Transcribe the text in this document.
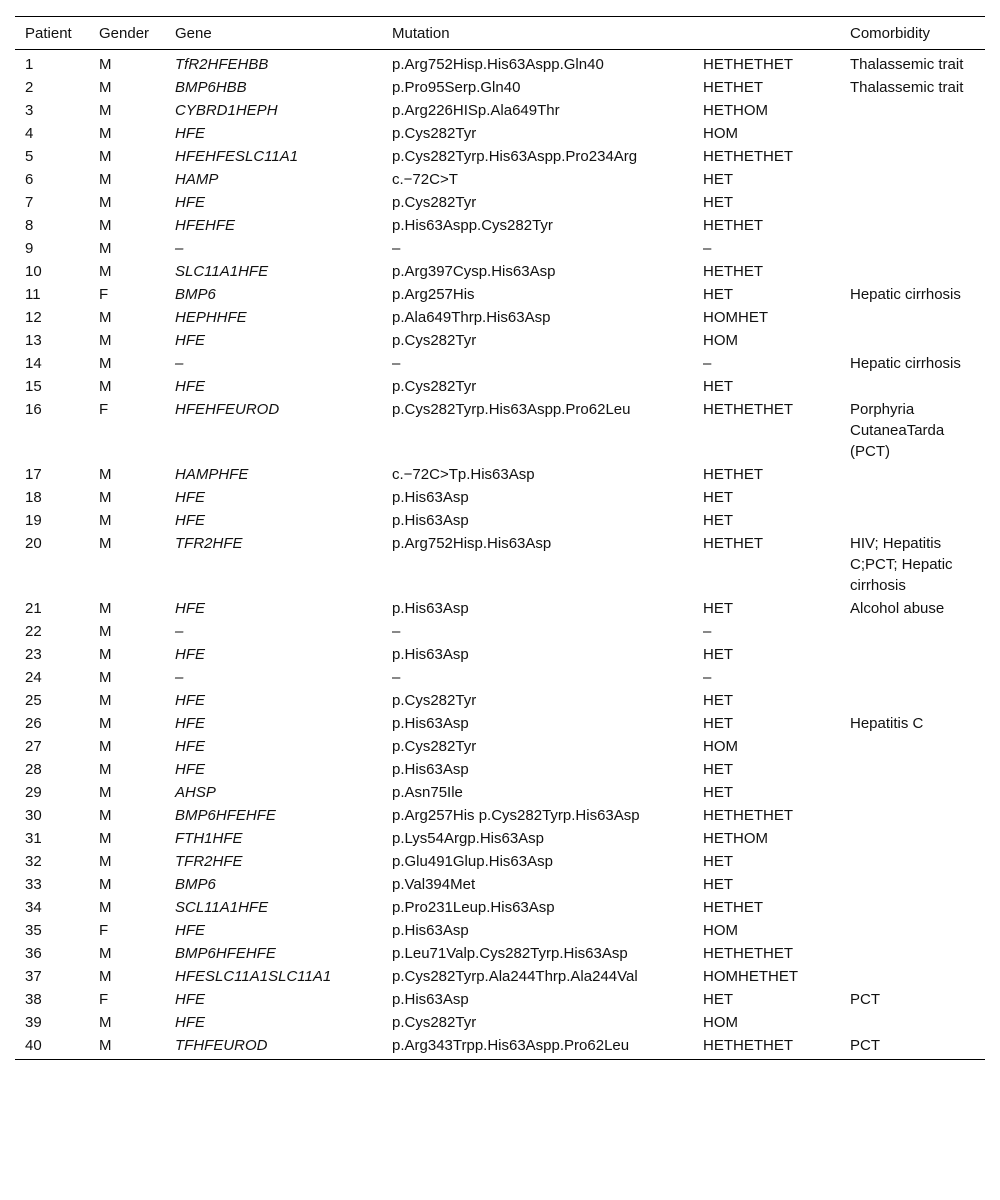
Patient	Gender	Gene	Mutation		Comorbidity
1	M	TfR2HFEHBB	p.Arg752Hisp.His63Aspp.Gln40	HETHETHET	Thalassemic trait
2	M	BMP6HBB	p.Pro95Serp.Gln40	HETHET	Thalassemic trait
3	M	CYBRD1HEPH	p.Arg226HISp.Ala649Thr	HETHOM	
4	M	HFE	p.Cys282Tyr	HOM	
5	M	HFEHFESLC11A1	p.Cys282Tyrp.His63Aspp.Pro234Arg	HETHETHET	
6	M	HAMP	c.−72C>T	HET	
7	M	HFE	p.Cys282Tyr	HET	
8	M	HFEHFE	p.His63Aspp.Cys282Tyr	HETHET	
9	M	–	–	–	
10	M	SLC11A1HFE	p.Arg397Cysp.His63Asp	HETHET	
11	F	BMP6	p.Arg257His	HET	Hepatic cirrhosis
12	M	HEPHHFE	p.Ala649Thrp.His63Asp	HOMHET	
13	M	HFE	p.Cys282Tyr	HOM	
14	M	–	–	–	Hepatic cirrhosis
15	M	HFE	p.Cys282Tyr	HET	
16	F	HFEHFEUROD	p.Cys282Tyrp.His63Aspp.Pro62Leu	HETHETHET	Porphyria CutaneaTarda (PCT)
17	M	HAMPHFE	c.−72C>Tp.His63Asp	HETHET	
18	M	HFE	p.His63Asp	HET	
19	M	HFE	p.His63Asp	HET	
20	M	TFR2HFE	p.Arg752Hisp.His63Asp	HETHET	HIV; Hepatitis C;PCT; Hepatic cirrhosis
21	M	HFE	p.His63Asp	HET	Alcohol abuse
22	M	–	–	–	
23	M	HFE	p.His63Asp	HET	
24	M	–	–	–	
25	M	HFE	p.Cys282Tyr	HET	
26	M	HFE	p.His63Asp	HET	Hepatitis C
27	M	HFE	p.Cys282Tyr	HOM	
28	M	HFE	p.His63Asp	HET	
29	M	AHSP	p.Asn75Ile	HET	
30	M	BMP6HFEHFE	p.Arg257His p.Cys282Tyrp.His63Asp	HETHETHET	
31	M	FTH1HFE	p.Lys54Argp.His63Asp	HETHOM	
32	M	TFR2HFE	p.Glu491Glup.His63Asp	HET	
33	M	BMP6	p.Val394Met	HET	
34	M	SCL11A1HFE	p.Pro231Leup.His63Asp	HETHET	
35	F	HFE	p.His63Asp	HOM	
36	M	BMP6HFEHFE	p.Leu71Valp.Cys282Tyrp.His63Asp	HETHETHET	
37	M	HFESLC11A1SLC11A1	p.Cys282Tyrp.Ala244Thrp.Ala244Val	HOMHETHET	
38	F	HFE	p.His63Asp	HET	PCT
39	M	HFE	p.Cys282Tyr	HOM	
40	M	TFHFEUROD	p.Arg343Trpp.His63Aspp.Pro62Leu	HETHETHET	PCT
